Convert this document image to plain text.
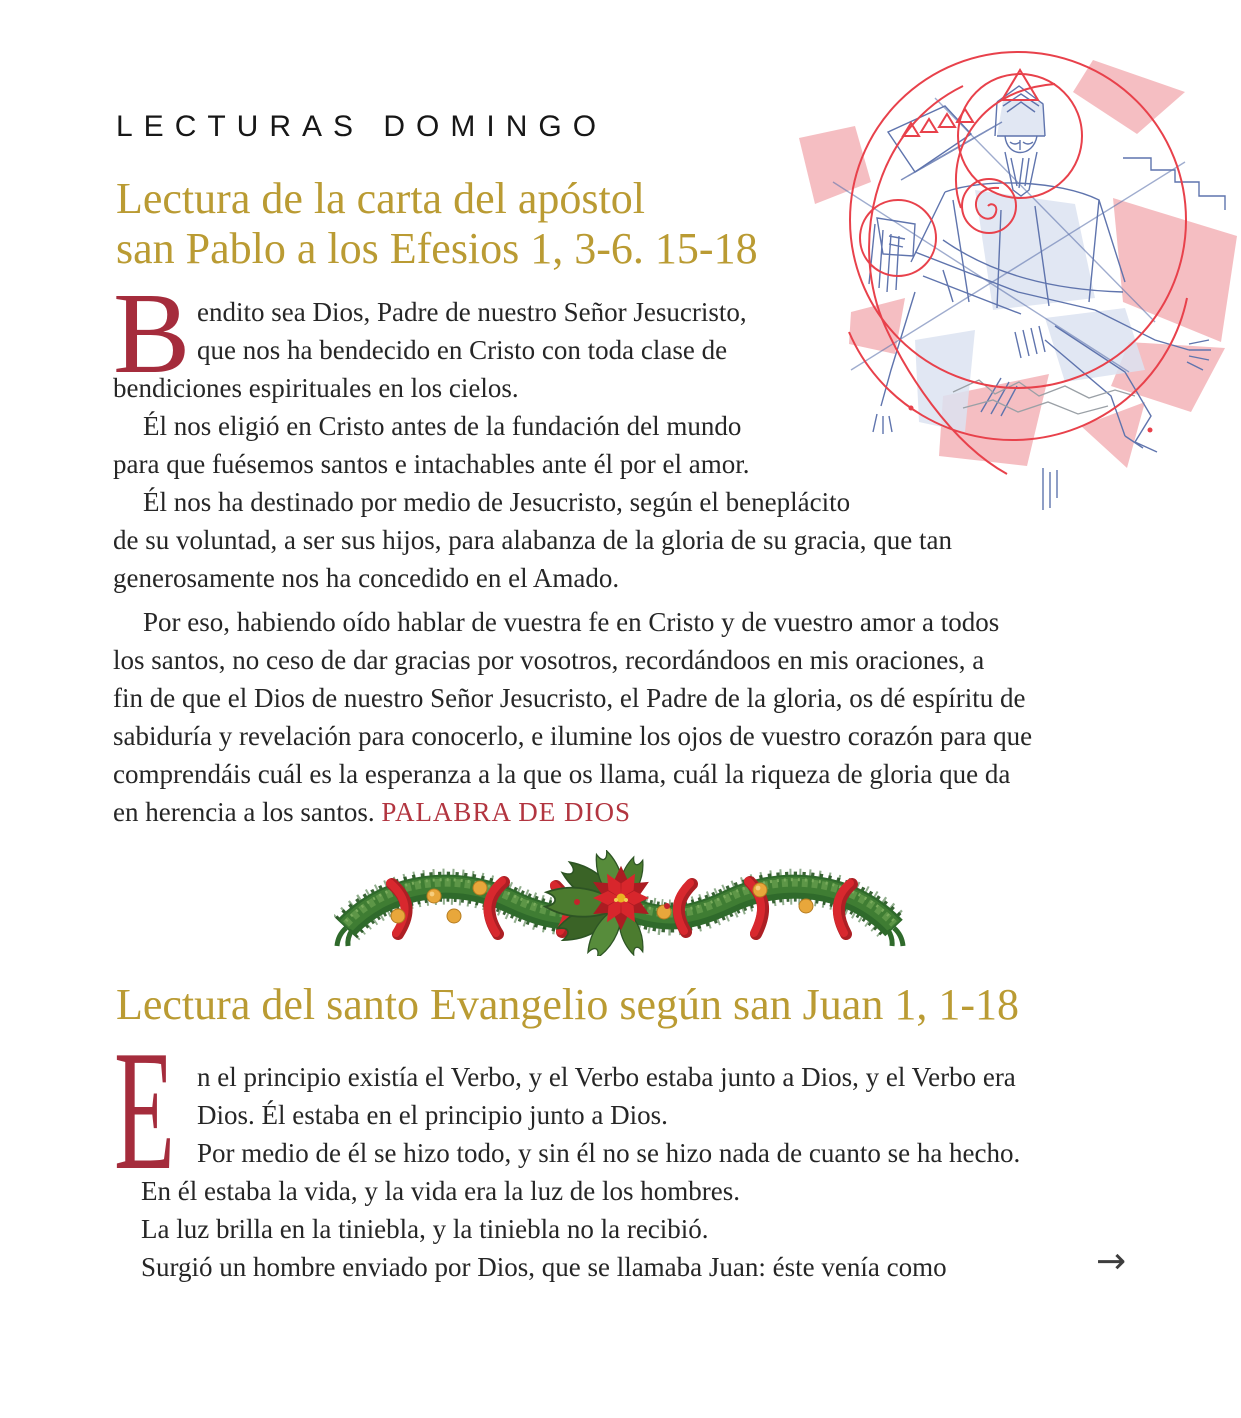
LECTURAS DOMINGO
Lectura de la carta del apóstol
san Pablo a los Efesios 1, 3-6. 15-18
B endito sea Dios, Padre de nuestro Señor Jesucristo,
que nos ha bendecido en Cristo con toda clase de
bendiciones espirituales en los cielos.
Él nos eligió en Cristo antes de la fundación del mundo
para que fuésemos santos e intachables ante él por el amor.
Él nos ha destinado por medio de Jesucristo, según el beneplácito
de su voluntad, a ser sus hijos, para alabanza de la gloria de su gracia, que tan
generosamente nos ha concedido en el Amado.
Por eso, habiendo oído hablar de vuestra fe en Cristo y de vuestro amor a todos
los santos, no ceso de dar gracias por vosotros, recordándoos en mis oraciones, a
fin de que el Dios de nuestro Señor Jesucristo, el Padre de la gloria, os dé espíritu de
sabiduría y revelación para conocerlo, e ilumine los ojos de vuestro corazón para que
comprendáis cuál es la esperanza a la que os llama, cuál la riqueza de gloria que da
en herencia a los santos. PALABRA DE DIOS
Lectura del santo Evangelio según san Juan 1, 1-18
E n el principio existía el Verbo, y el Verbo estaba junto a Dios, y el Verbo era
Dios. Él estaba en el principio junto a Dios.
Por medio de él se hizo todo, y sin él no se hizo nada de cuanto se ha hecho.
En él estaba la vida, y la vida era la luz de los hombres.
La luz brilla en la tiniebla, y la tiniebla no la recibió.
Surgió un hombre enviado por Dios, que se llamaba Juan: éste venía como	→
